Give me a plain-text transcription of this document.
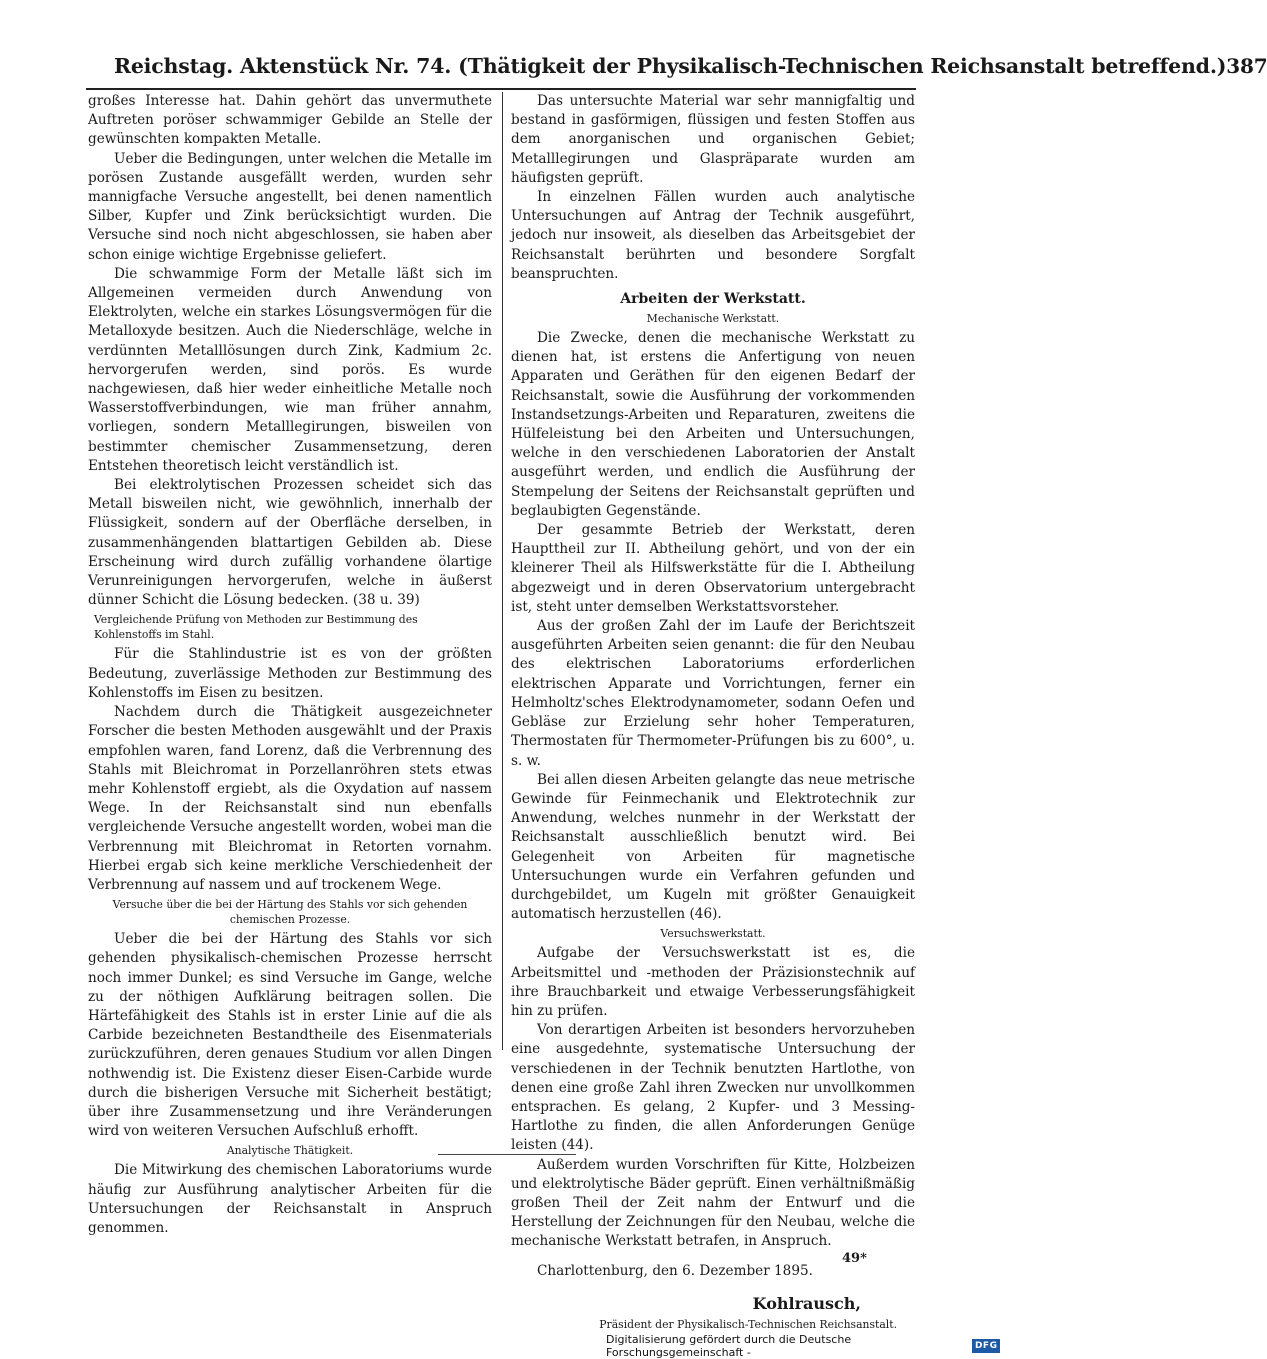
Reichstag. Aktenstück Nr. 74. (Thätigkeit der Physikalisch-Technischen Reichsanstalt betreffend.) 387

großes Interesse hat. Dahin gehört das unvermuthete Auftreten poröser schwammiger Gebilde an Stelle der gewünschten kompakten Metalle.

Ueber die Bedingungen, unter welchen die Metalle im porösen Zustande ausgefällt werden, wurden sehr mannigfache Versuche angestellt, bei denen namentlich Silber, Kupfer und Zink berücksichtigt wurden. Die Versuche sind noch nicht abgeschlossen, sie haben aber schon einige wichtige Ergebnisse geliefert.

Die schwammige Form der Metalle läßt sich im Allgemeinen vermeiden durch Anwendung von Elektrolyten, welche ein starkes Lösungsvermögen für die Metalloxyde besitzen. Auch die Niederschläge, welche in verdünnten Metalllösungen durch Zink, Kadmium 2c. hervorgerufen werden, sind porös. Es wurde nachgewiesen, daß hier weder einheitliche Metalle noch Wasserstoffverbindungen, wie man früher annahm, vorliegen, sondern Metalllegirungen, bisweilen von bestimmter chemischer Zusammensetzung, deren Entstehen theoretisch leicht verständlich ist.

Bei elektrolytischen Prozessen scheidet sich das Metall bisweilen nicht, wie gewöhnlich, innerhalb der Flüssigkeit, sondern auf der Oberfläche derselben, in zusammenhängenden blattartigen Gebilden ab. Diese Erscheinung wird durch zufällig vorhandene ölartige Verunreinigungen hervorgerufen, welche in äußerst dünner Schicht die Lösung bedecken. (38 u. 39)

Vergleichende Prüfung von Methoden zur Bestimmung des Kohlenstoffs im Stahl.

Für die Stahlindustrie ist es von der größten Bedeutung, zuverlässige Methoden zur Bestimmung des Kohlenstoffs im Eisen zu besitzen.

Nachdem durch die Thätigkeit ausgezeichneter Forscher die besten Methoden ausgewählt und der Praxis empfohlen waren, fand Lorenz, daß die Verbrennung des Stahls mit Bleichromat in Porzellanröhren stets etwas mehr Kohlenstoff ergiebt, als die Oxydation auf nassem Wege. In der Reichsanstalt sind nun ebenfalls vergleichende Versuche angestellt worden, wobei man die Verbrennung mit Bleichromat in Retorten vornahm. Hierbei ergab sich keine merkliche Verschiedenheit der Verbrennung auf nassem und auf trockenem Wege.

Versuche über die bei der Härtung des Stahls vor sich gehenden chemischen Prozesse.

Ueber die bei der Härtung des Stahls vor sich gehenden physikalisch-chemischen Prozesse herrscht noch immer Dunkel; es sind Versuche im Gange, welche zu der nöthigen Aufklärung beitragen sollen. Die Härtefähigkeit des Stahls ist in erster Linie auf die als Carbide bezeichneten Bestandtheile des Eisenmaterials zurückzuführen, deren genaues Studium vor allen Dingen nothwendig ist. Die Existenz dieser Eisen-Carbide wurde durch die bisherigen Versuche mit Sicherheit bestätigt; über ihre Zusammensetzung und ihre Veränderungen wird von weiteren Versuchen Aufschluß erhofft.

Analytische Thätigkeit.

Die Mitwirkung des chemischen Laboratoriums wurde häufig zur Ausführung analytischer Arbeiten für die Untersuchungen der Reichsanstalt in Anspruch genommen.

Das untersuchte Material war sehr mannigfaltig und bestand in gasförmigen, flüssigen und festen Stoffen aus dem anorganischen und organischen Gebiet; Metalllegirungen und Glaspräparate wurden am häufigsten geprüft.

In einzelnen Fällen wurden auch analytische Untersuchungen auf Antrag der Technik ausgeführt, jedoch nur insoweit, als dieselben das Arbeitsgebiet der Reichsanstalt berührten und besondere Sorgfalt beanspruchten.

Arbeiten der Werkstatt.
Mechanische Werkstatt.

Die Zwecke, denen die mechanische Werkstatt zu dienen hat, ist erstens die Anfertigung von neuen Apparaten und Geräthen für den eigenen Bedarf der Reichsanstalt, sowie die Ausführung der vorkommenden Instandsetzungs-Arbeiten und Reparaturen, zweitens die Hülfeleistung bei den Arbeiten und Untersuchungen, welche in den verschiedenen Laboratorien der Anstalt ausgeführt werden, und endlich die Ausführung der Stempelung der Seitens der Reichsanstalt geprüften und beglaubigten Gegenstände.

Der gesammte Betrieb der Werkstatt, deren Haupttheil zur II. Abtheilung gehört, und von der ein kleinerer Theil als Hilfswerkstätte für die I. Abtheilung abgezweigt und in deren Observatorium untergebracht ist, steht unter demselben Werkstattsvorsteher.

Aus der großen Zahl der im Laufe der Berichtszeit ausgeführten Arbeiten seien genannt: die für den Neubau des elektrischen Laboratoriums erforderlichen elektrischen Apparate und Vorrichtungen, ferner ein Helmholtz'sches Elektrodynamometer, sodann Oefen und Gebläse zur Erzielung sehr hoher Temperaturen, Thermostaten für Thermometer-Prüfungen bis zu 600°, u. s. w.

Bei allen diesen Arbeiten gelangte das neue metrische Gewinde für Feinmechanik und Elektrotechnik zur Anwendung, welches nunmehr in der Werkstatt der Reichsanstalt ausschließlich benutzt wird. Bei Gelegenheit von Arbeiten für magnetische Untersuchungen wurde ein Verfahren gefunden und durchgebildet, um Kugeln mit größter Genauigkeit automatisch herzustellen (46).

Versuchswerkstatt.

Aufgabe der Versuchswerkstatt ist es, die Arbeitsmittel und -methoden der Präzisionstechnik auf ihre Brauchbarkeit und etwaige Verbesserungsfähigkeit hin zu prüfen.

Von derartigen Arbeiten ist besonders hervorzuheben eine ausgedehnte, systematische Untersuchung der verschiedenen in der Technik benutzten Hartlothe, von denen eine große Zahl ihren Zwecken nur unvollkommen entsprachen. Es gelang, 2 Kupfer- und 3 Messing-Hartlothe zu finden, die allen Anforderungen Genüge leisten (44).

Außerdem wurden Vorschriften für Kitte, Holzbeizen und elektrolytische Bäder geprüft. Einen verhältnißmäßig großen Theil der Zeit nahm der Entwurf und die Herstellung der Zeichnungen für den Neubau, welche die mechanische Werkstatt betrafen, in Anspruch.

Charlottenburg, den 6. Dezember 1895.

Kohlrausch,
Präsident der Physikalisch-Technischen Reichsanstalt.
49*
Digitalisierung gefördert durch die Deutsche Forschungsgemeinschaft -	DFG
